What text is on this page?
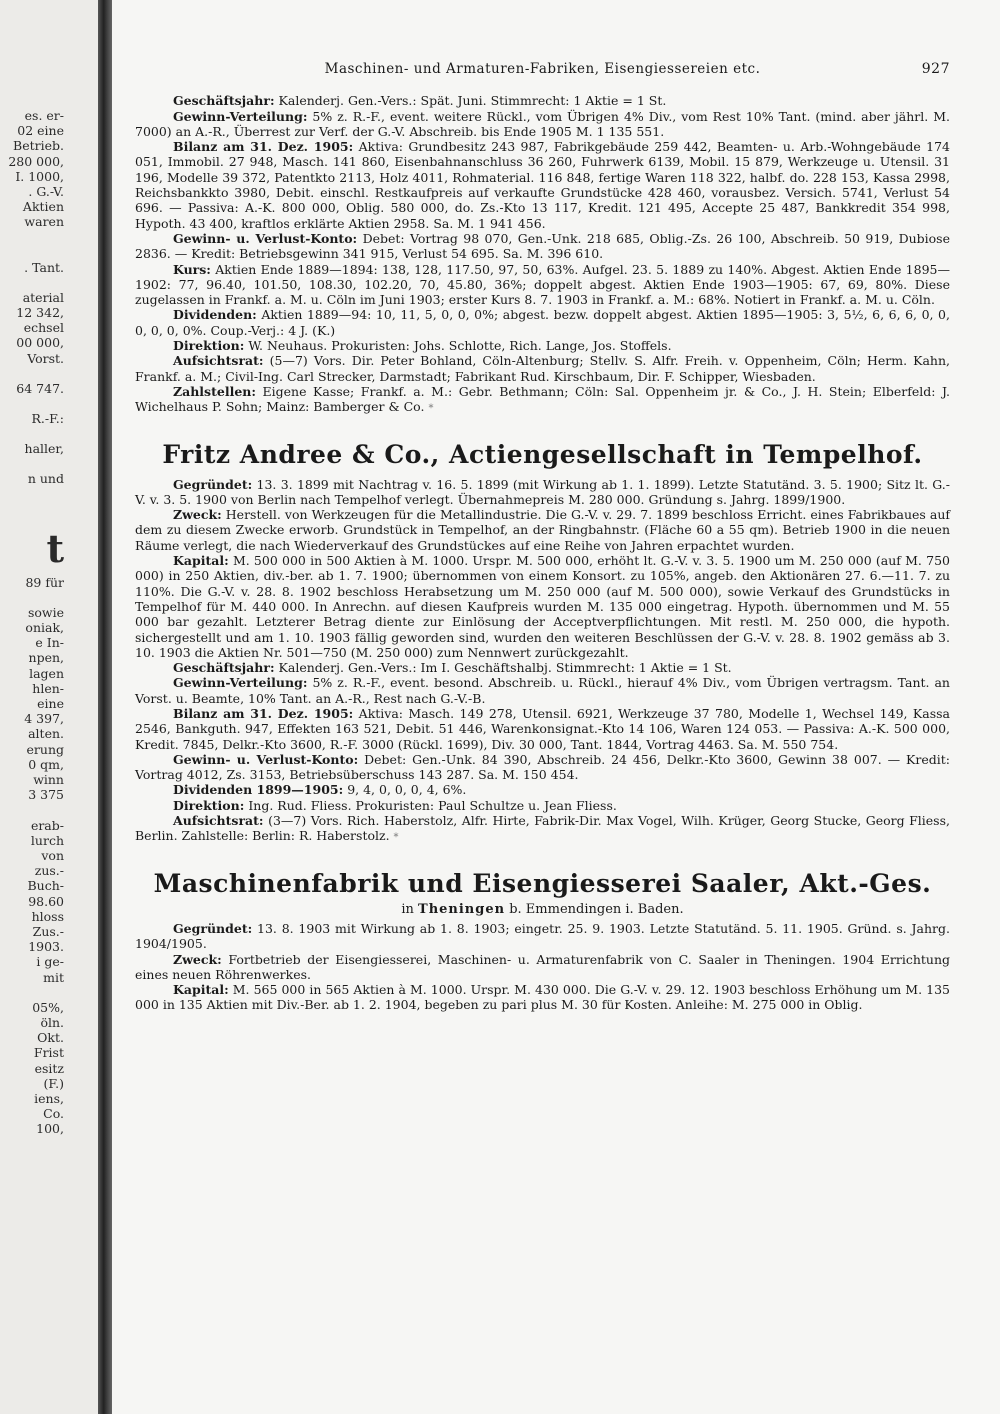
es. er-
02 eine
Betrieb.
280 000,
I. 1000,
. G.-V.
Aktien
waren
. Tant.
aterial
12 342,
echsel
00 000,
Vorst.
64 747.
R.-F.:
haller,
n und
t
89 für
sowie
oniak,
e In-
npen,
lagen
hlen-
eine
4 397,
alten.
erung
0 qm,
winn
3 375
erab-
lurch
von
zus.-
Buch-
98.60
hloss
Zus.-
1903.
i ge-
mit
05%,
öln.
Okt.
Frist
esitz
(F.)
iens,
Co.
100,
Maschinen- und Armaturen-Fabriken, Eisengiessereien etc.	927

Geschäftsjahr: Kalenderj. Gen.-Vers.: Spät. Juni. Stimmrecht: 1 Aktie = 1 St.

Gewinn-Verteilung: 5% z. R.-F., event. weitere Rückl., vom Übrigen 4% Div., vom Rest 10% Tant. (mind. aber jährl. M. 7000) an A.-R., Überrest zur Verf. der G.-V. Abschreib. bis Ende 1905 M. 1 135 551.

Bilanz am 31. Dez. 1905: Aktiva: Grundbesitz 243 987, Fabrikgebäude 259 442, Beamten- u. Arb.-Wohngebäude 174 051, Immobil. 27 948, Masch. 141 860, Eisenbahnanschluss 36 260, Fuhrwerk 6139, Mobil. 15 879, Werkzeuge u. Utensil. 31 196, Modelle 39 372, Patentkto 2113, Holz 4011, Rohmaterial. 116 848, fertige Waren 118 322, halbf. do. 228 153, Kassa 2998, Reichsbankkto 3980, Debit. einschl. Restkaufpreis auf verkaufte Grundstücke 428 460, vorausbez. Versich. 5741, Verlust 54 696. — Passiva: A.-K. 800 000, Oblig. 580 000, do. Zs.-Kto 13 117, Kredit. 121 495, Accepte 25 487, Bankkredit 354 998, Hypoth. 43 400, kraftlos erklärte Aktien 2958. Sa. M. 1 941 456.

Gewinn- u. Verlust-Konto: Debet: Vortrag 98 070, Gen.-Unk. 218 685, Oblig.-Zs. 26 100, Abschreib. 50 919, Dubiose 2836. — Kredit: Betriebsgewinn 341 915, Verlust 54 695. Sa. M. 396 610.

Kurs: Aktien Ende 1889—1894: 138, 128, 117.50, 97, 50, 63%. Aufgel. 23. 5. 1889 zu 140%. Abgest. Aktien Ende 1895—1902: 77, 96.40, 101.50, 108.30, 102.20, 70, 45.80, 36%; doppelt abgest. Aktien Ende 1903—1905: 67, 69, 80%. Diese zugelassen in Frankf. a. M. u. Cöln im Juni 1903; erster Kurs 8. 7. 1903 in Frankf. a. M.: 68%. Notiert in Frankf. a. M. u. Cöln.

Dividenden: Aktien 1889—94: 10, 11, 5, 0, 0, 0%; abgest. bezw. doppelt abgest. Aktien 1895—1905: 3, 5½, 6, 6, 6, 0, 0, 0, 0, 0, 0%. Coup.-Verj.: 4 J. (K.)

Direktion: W. Neuhaus. Prokuristen: Johs. Schlotte, Rich. Lange, Jos. Stoffels.

Aufsichtsrat: (5—7) Vors. Dir. Peter Bohland, Cöln-Altenburg; Stellv. S. Alfr. Freih. v. Oppenheim, Cöln; Herm. Kahn, Frankf. a. M.; Civil-Ing. Carl Strecker, Darmstadt; Fabrikant Rud. Kirschbaum, Dir. F. Schipper, Wiesbaden.

Zahlstellen: Eigene Kasse; Frankf. a. M.: Gebr. Bethmann; Cöln: Sal. Oppenheim jr. & Co., J. H. Stein; Elberfeld: J. Wichelhaus P. Sohn; Mainz: Bamberger & Co. *

Fritz Andree & Co., Actiengesellschaft in Tempelhof.

Gegründet: 13. 3. 1899 mit Nachtrag v. 16. 5. 1899 (mit Wirkung ab 1. 1. 1899). Letzte Statutänd. 3. 5. 1900; Sitz lt. G.-V. v. 3. 5. 1900 von Berlin nach Tempelhof verlegt. Übernahmepreis M. 280 000. Gründung s. Jahrg. 1899/1900.

Zweck: Herstell. von Werkzeugen für die Metallindustrie. Die G.-V. v. 29. 7. 1899 beschloss Erricht. eines Fabrikbaues auf dem zu diesem Zwecke erworb. Grundstück in Tempelhof, an der Ringbahnstr. (Fläche 60 a 55 qm). Betrieb 1900 in die neuen Räume verlegt, die nach Wiederverkauf des Grundstückes auf eine Reihe von Jahren erpachtet wurden.

Kapital: M. 500 000 in 500 Aktien à M. 1000. Urspr. M. 500 000, erhöht lt. G.-V. v. 3. 5. 1900 um M. 250 000 (auf M. 750 000) in 250 Aktien, div.-ber. ab 1. 7. 1900; übernommen von einem Konsort. zu 105%, angeb. den Aktionären 27. 6.—11. 7. zu 110%. Die G.-V. v. 28. 8. 1902 beschloss Herabsetzung um M. 250 000 (auf M. 500 000), sowie Verkauf des Grundstücks in Tempelhof für M. 440 000. In Anrechn. auf diesen Kaufpreis wurden M. 135 000 eingetrag. Hypoth. übernommen und M. 55 000 bar gezahlt. Letzterer Betrag diente zur Einlösung der Acceptverpflichtungen. Mit restl. M. 250 000, die hypoth. sichergestellt und am 1. 10. 1903 fällig geworden sind, wurden den weiteren Beschlüssen der G.-V. v. 28. 8. 1902 gemäss ab 3. 10. 1903 die Aktien Nr. 501—750 (M. 250 000) zum Nennwert zurückgezahlt.

Geschäftsjahr: Kalenderj. Gen.-Vers.: Im I. Geschäftshalbj. Stimmrecht: 1 Aktie = 1 St.

Gewinn-Verteilung: 5% z. R.-F., event. besond. Abschreib. u. Rückl., hierauf 4% Div., vom Übrigen vertragsm. Tant. an Vorst. u. Beamte, 10% Tant. an A.-R., Rest nach G.-V.-B.

Bilanz am 31. Dez. 1905: Aktiva: Masch. 149 278, Utensil. 6921, Werkzeuge 37 780, Modelle 1, Wechsel 149, Kassa 2546, Bankguth. 947, Effekten 163 521, Debit. 51 446, Warenkonsignat.-Kto 14 106, Waren 124 053. — Passiva: A.-K. 500 000, Kredit. 7845, Delkr.-Kto 3600, R.-F. 3000 (Rückl. 1699), Div. 30 000, Tant. 1844, Vortrag 4463. Sa. M. 550 754.

Gewinn- u. Verlust-Konto: Debet: Gen.-Unk. 84 390, Abschreib. 24 456, Delkr.-Kto 3600, Gewinn 38 007. — Kredit: Vortrag 4012, Zs. 3153, Betriebsüberschuss 143 287. Sa. M. 150 454.

Dividenden 1899—1905: 9, 4, 0, 0, 0, 4, 6%.

Direktion: Ing. Rud. Fliess. Prokuristen: Paul Schultze u. Jean Fliess.

Aufsichtsrat: (3—7) Vors. Rich. Haberstolz, Alfr. Hirte, Fabrik-Dir. Max Vogel, Wilh. Krüger, Georg Stucke, Georg Fliess, Berlin. Zahlstelle: Berlin: R. Haberstolz. *

Maschinenfabrik und Eisengiesserei Saaler, Akt.-Ges.
in Theningen b. Emmendingen i. Baden.

Gegründet: 13. 8. 1903 mit Wirkung ab 1. 8. 1903; eingetr. 25. 9. 1903. Letzte Statutänd. 5. 11. 1905. Gründ. s. Jahrg. 1904/1905.

Zweck: Fortbetrieb der Eisengiesserei, Maschinen- u. Armaturenfabrik von C. Saaler in Theningen. 1904 Errichtung eines neuen Röhrenwerkes.

Kapital: M. 565 000 in 565 Aktien à M. 1000. Urspr. M. 430 000. Die G.-V. v. 29. 12. 1903 beschloss Erhöhung um M. 135 000 in 135 Aktien mit Div.-Ber. ab 1. 2. 1904, begeben zu pari plus M. 30 für Kosten. Anleihe: M. 275 000 in Oblig.
